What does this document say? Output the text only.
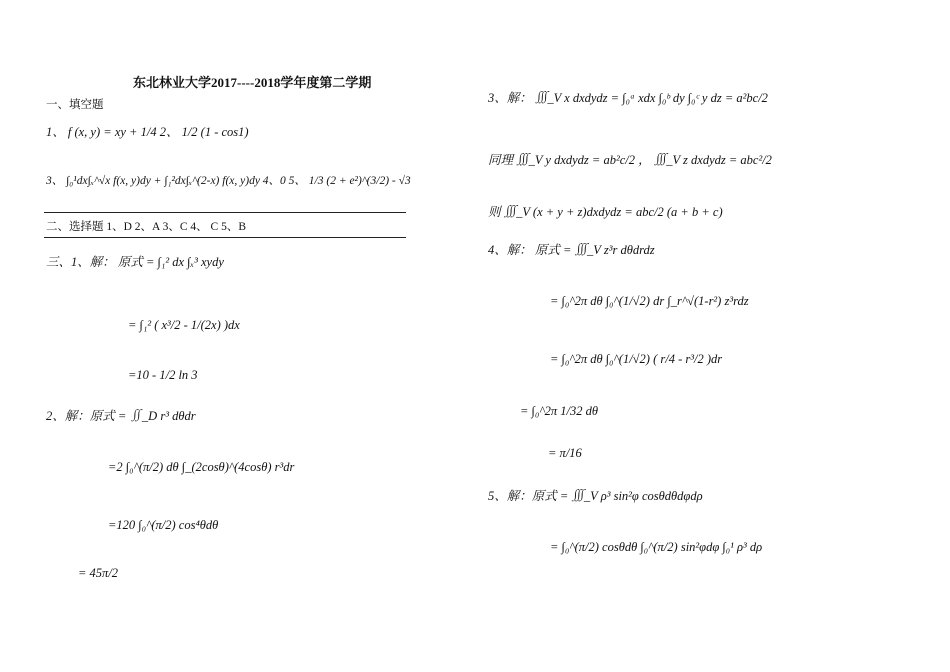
东北林业大学2017----2018学年度第二学期
一、填空题
1、 f (x, y) = xy + 1/4 2、 1/2 (1 - cos1)
3、 ∫₀¹dx∫ₓ^√x f(x, y)dy + ∫₁²dx∫ₓ^(2-x) f(x, y)dy 4、0 5、 1/3 (2 + e²)^(3/2) - √3
二、选择题 1、D 2、A 3、C 4、 C 5、B
三、1、解： 原式 = ∫₁² dx ∫ₓ³ xydy
= ∫₁² ( x³/2 - 1/(2x) )dx
=10 - 1/2 ln 3
2、解：原式 = ∬_D r³ dθdr
=2 ∫₀^(π/2) dθ ∫_(2cosθ)^(4cosθ) r³dr
=120 ∫₀^(π/2) cos⁴θdθ
= 45π/2
3、解： ∭_V x dxdydz = ∫₀ᵃ xdx ∫₀ᵇ dy ∫₀ᶜ y dz = a²bc/2
同理 ∭_V y dxdydz = ab²c/2 ， ∭_V z dxdydz = abc²/2
则 ∭_V (x + y + z)dxdydz = abc/2 (a + b + c)
4、解： 原式 = ∭_V z³r dθdrdz
= ∫₀^2π dθ ∫₀^(1/√2) dr ∫_r^√(1-r²) z³rdz
= ∫₀^2π dθ ∫₀^(1/√2) ( r/4 - r³/2 )dr
= ∫₀^2π 1/32 dθ
= π/16
5、解：原式 = ∭_V ρ³ sin²φ cosθdθdφdρ
= ∫₀^(π/2) cosθdθ ∫₀^(π/2) sin²φdφ ∫₀¹ ρ³ dρ
